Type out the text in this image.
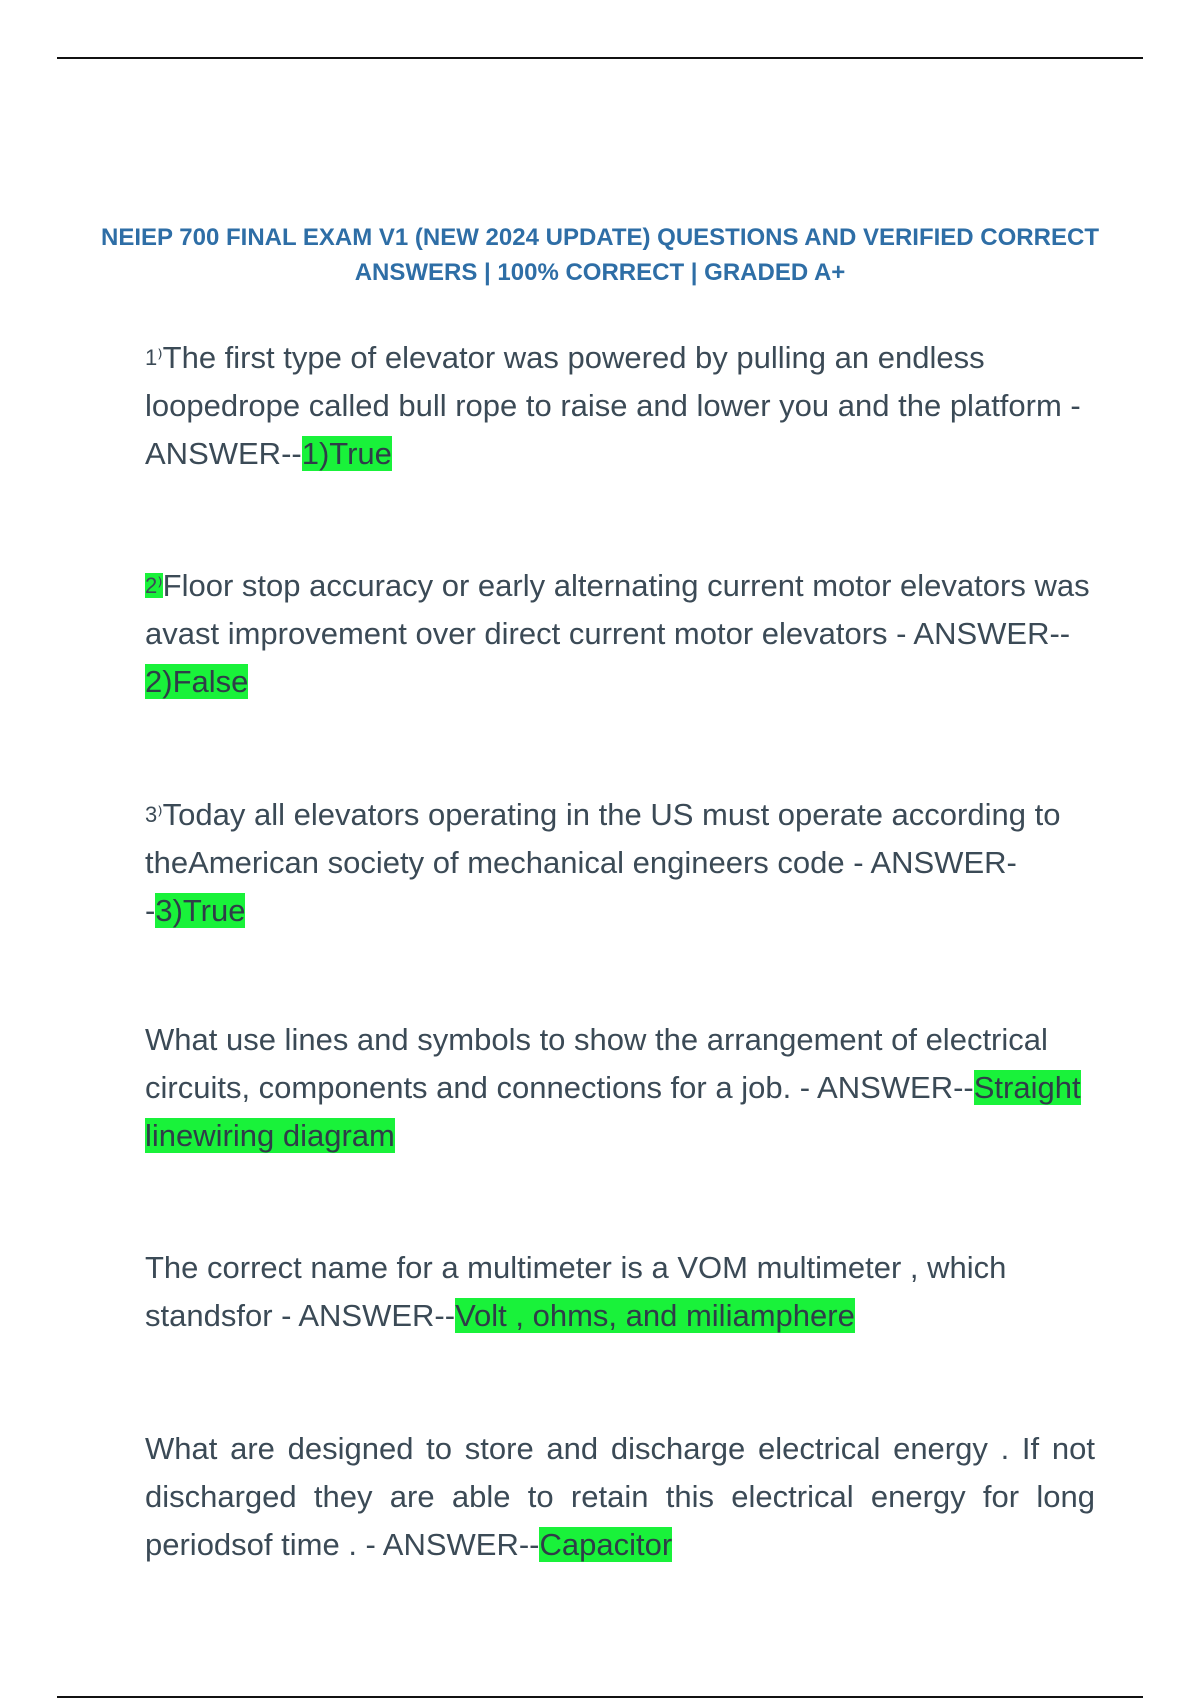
NEIEP 700 FINAL EXAM V1 (NEW 2024 UPDATE) QUESTIONS AND VERIFIED CORRECT
ANSWERS | 100% CORRECT | GRADED A+
1⁾The first type of elevator was powered by pulling an endless loopedrope called bull rope to raise and lower you and the platform - ANSWER--1)True
2⁾Floor stop accuracy or early alternating current motor elevators was avast improvement over direct current motor elevators - ANSWER-- 2)False
3⁾Today all elevators operating in the US must operate according to theAmerican society of mechanical engineers code - ANSWER--3)True
What use lines and symbols to show the arrangement of electrical circuits, components and connections for a job. - ANSWER--Straight linewiring diagram
The correct name for a multimeter is a VOM multimeter , which standsfor - ANSWER--Volt , ohms, and miliamphere
What are designed to store and discharge electrical energy . If not discharged they are able to retain this electrical energy for long periodsof time . - ANSWER--Capacitor
